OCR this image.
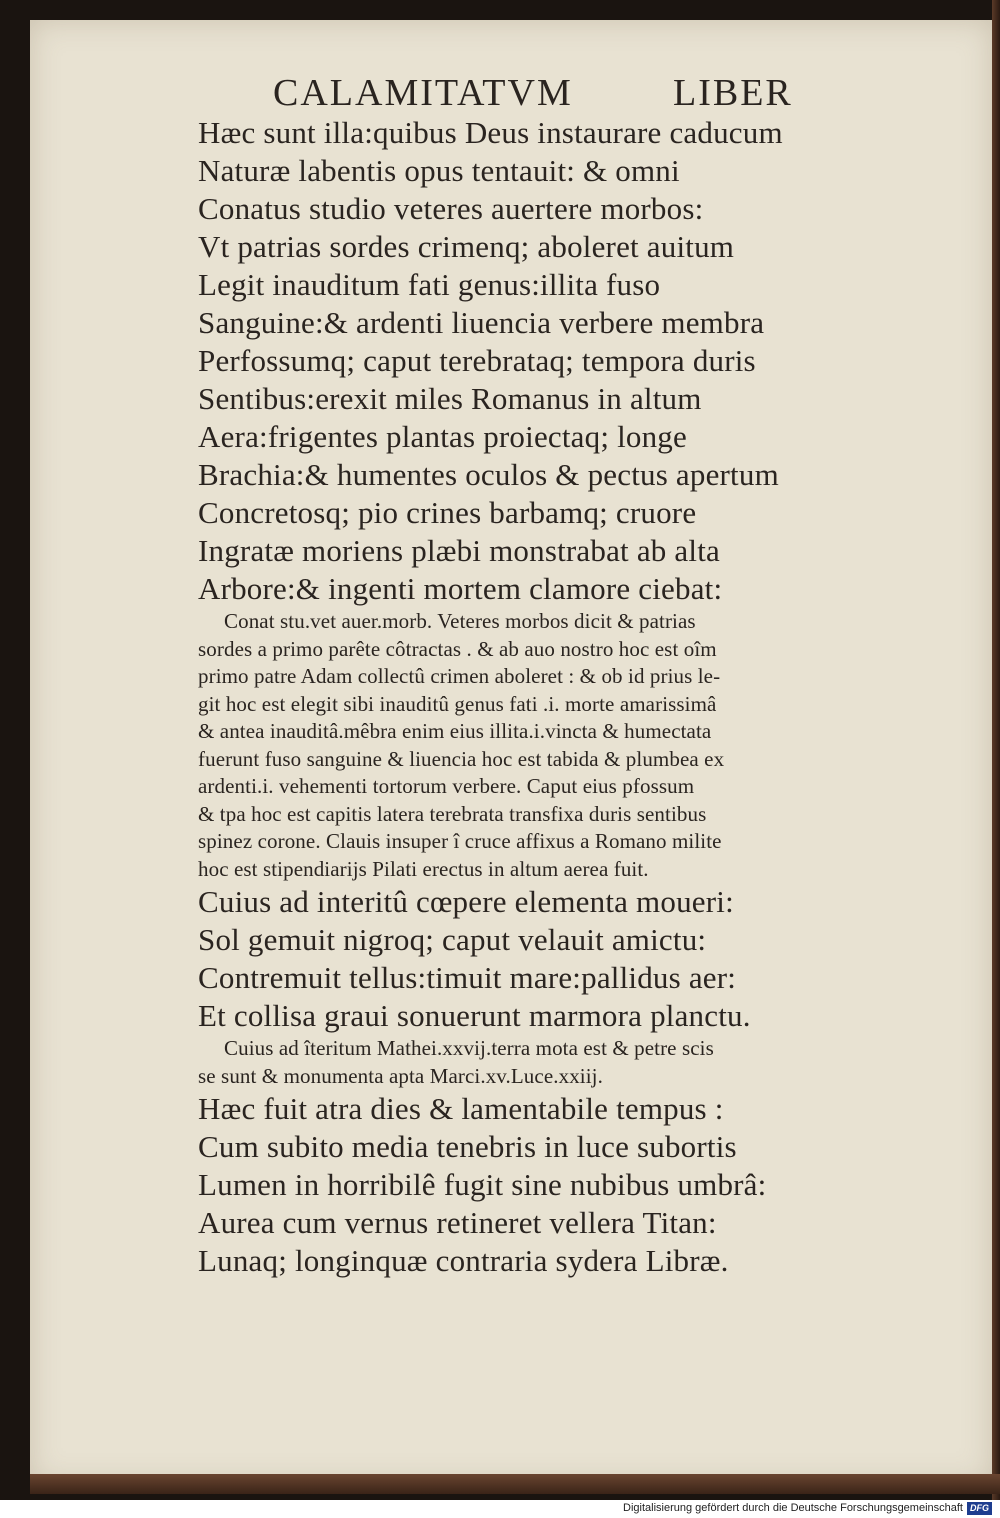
CALAMITATVM	LIBER
Hæc sunt illa:quibus Deus instaurare caducum
Naturæ labentis opus tentauit: & omni
Conatus studio veteres auertere morbos:
Vt patrias sordes crimenq; aboleret auitum
Legit inauditum fati genus:illita fuso
Sanguine:& ardenti liuencia verbere membra
Perfossumq; caput terebrataq; tempora duris
Sentibus:erexit miles Romanus in altum
Aera:frigentes plantas proiectaq; longe
Brachia:& humentes oculos & pectus apertum
Concretosq; pio crines barbamq; cruore
Ingratæ moriens plæbi monstrabat ab alta
Arbore:& ingenti mortem clamore ciebat:
Conat stu.vet auer.morb. Veteres morbos dicit & patrias
sordes a primo parête côtractas . & ab auo nostro hoc est oîm
primo patre Adam collectû crimen aboleret : & ob id prius le-
git hoc est elegit sibi inauditû genus fati .i. morte amarissimâ
& antea inauditâ.mêbra enim eius illita.i.vincta & humectata
fuerunt fuso sanguine & liuencia hoc est tabida & plumbea ex
ardenti.i. vehementi tortorum verbere. Caput eius pfossum
& tpa hoc est capitis latera terebrata transfixa duris sentibus
spinez corone. Clauis insuper î cruce affixus a Romano milite
hoc est stipendiarijs Pilati erectus in altum aerea fuit.
Cuius ad interitû cœpere elementa moueri:
Sol gemuit nigroq; caput velauit amictu:
Contremuit tellus:timuit mare:pallidus aer:
Et collisa graui sonuerunt marmora planctu.
Cuius ad îteritum Mathei.xxvij.terra mota est & petre scis
se sunt & monumenta apta Marci.xv.Luce.xxiij.
Hæc fuit atra dies & lamentabile tempus :
Cum subito media tenebris in luce subortis
Lumen in horribilê fugit sine nubibus umbrâ:
Aurea cum vernus retineret vellera Titan:
Lunaq; longinquæ contraria sydera Libræ.
Digitalisierung gefördert durch die Deutsche Forschungsgemeinschaft DFG
